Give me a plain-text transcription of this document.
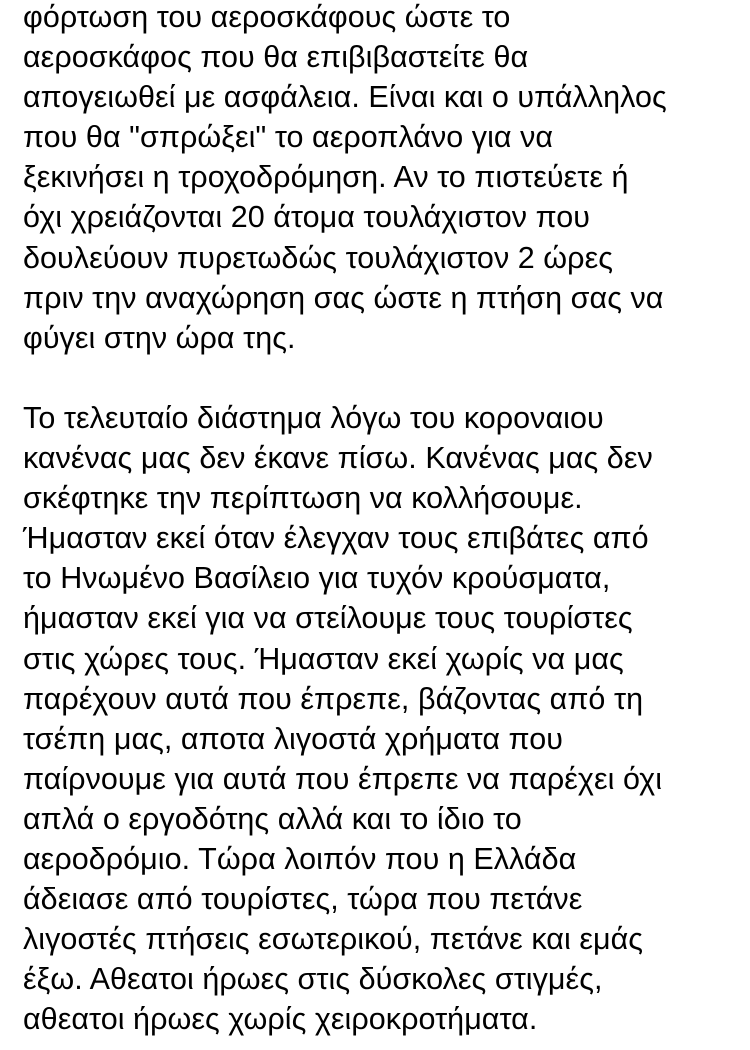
φόρτωση του αεροσκάφους ώστε το
αεροσκάφος που θα επιβιβαστείτε θα
απογειωθεί με ασφάλεια. Είναι και ο υπάλληλος
που θα "σπρώξει" το αεροπλάνο για να
ξεκινήσει η τροχοδρόμηση. Αν το πιστεύετε ή
όχι χρειάζονται 20 άτομα τουλάχιστον που
δουλεύουν πυρετωδώς τουλάχιστον 2 ώρες
πριν την αναχώρηση σας ώστε η πτήση σας να
φύγει στην ώρα της.
Το τελευταίο διάστημα λόγω του κοροναιου
κανένας μας δεν έκανε πίσω. Κανένας μας δεν
σκέφτηκε την περίπτωση να κολλήσουμε.
Ήμασταν εκεί όταν έλεγχαν τους επιβάτες από
το Ηνωμένο Βασίλειο για τυχόν κρούσματα,
ήμασταν εκεί για να στείλουμε τους τουρίστες
στις χώρες τους. Ήμασταν εκεί χωρίς να μας
παρέχουν αυτά που έπρεπε, βάζοντας από τη
τσέπη μας, αποτα λιγοστά χρήματα που
παίρνουμε για αυτά που έπρεπε να παρέχει όχι
απλά ο εργοδότης αλλά και το ίδιο το
αεροδρόμιο. Τώρα λοιπόν που η Ελλάδα
άδειασε από τουρίστες, τώρα που πετάνε
λιγοστές πτήσεις εσωτερικού, πετάνε και εμάς
έξω. Αθεατοι ήρωες στις δύσκολες στιγμές,
αθεατοι ήρωες χωρίς χειροκροτήματα.
